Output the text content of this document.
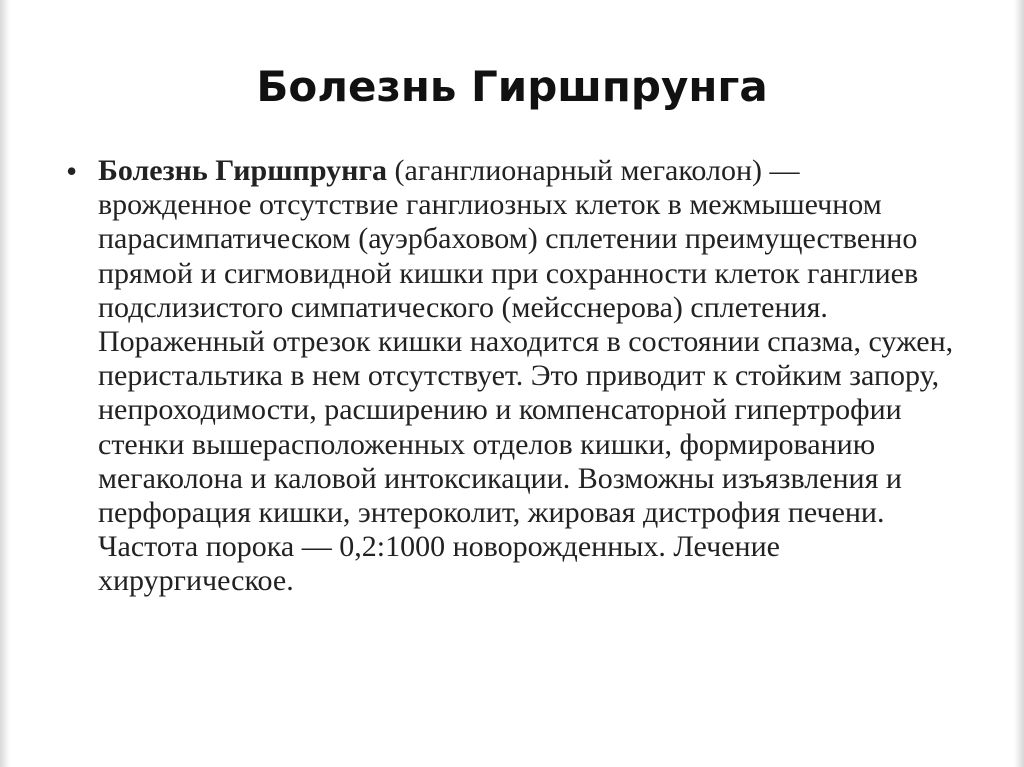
Болезнь Гиршпрунга
• Болезнь Гиршпрунга (аганглионарный мегаколон) — врожденное отсутствие ганглиозных клеток в межмышечном парасимпатическом (ауэрбаховом) сплетении преимущественно прямой и сигмовидной кишки при сохранности клеток ганглиев подслизистого симпатического (мейсснерова) сплетения. Пораженный отрезок кишки находится в состоянии спазма, сужен, перистальтика в нем отсутствует. Это приводит к стойким запору, непроходимости, расширению и компенсаторной гипертрофии стенки вышерасположенных отделов кишки, формированию мегаколона и каловой интоксикации. Возможны изъязвления и перфорация кишки, энтероколит, жировая дистрофия печени. Частота порока — 0,2:1000 новорожденных. Лечение хирургическое.
